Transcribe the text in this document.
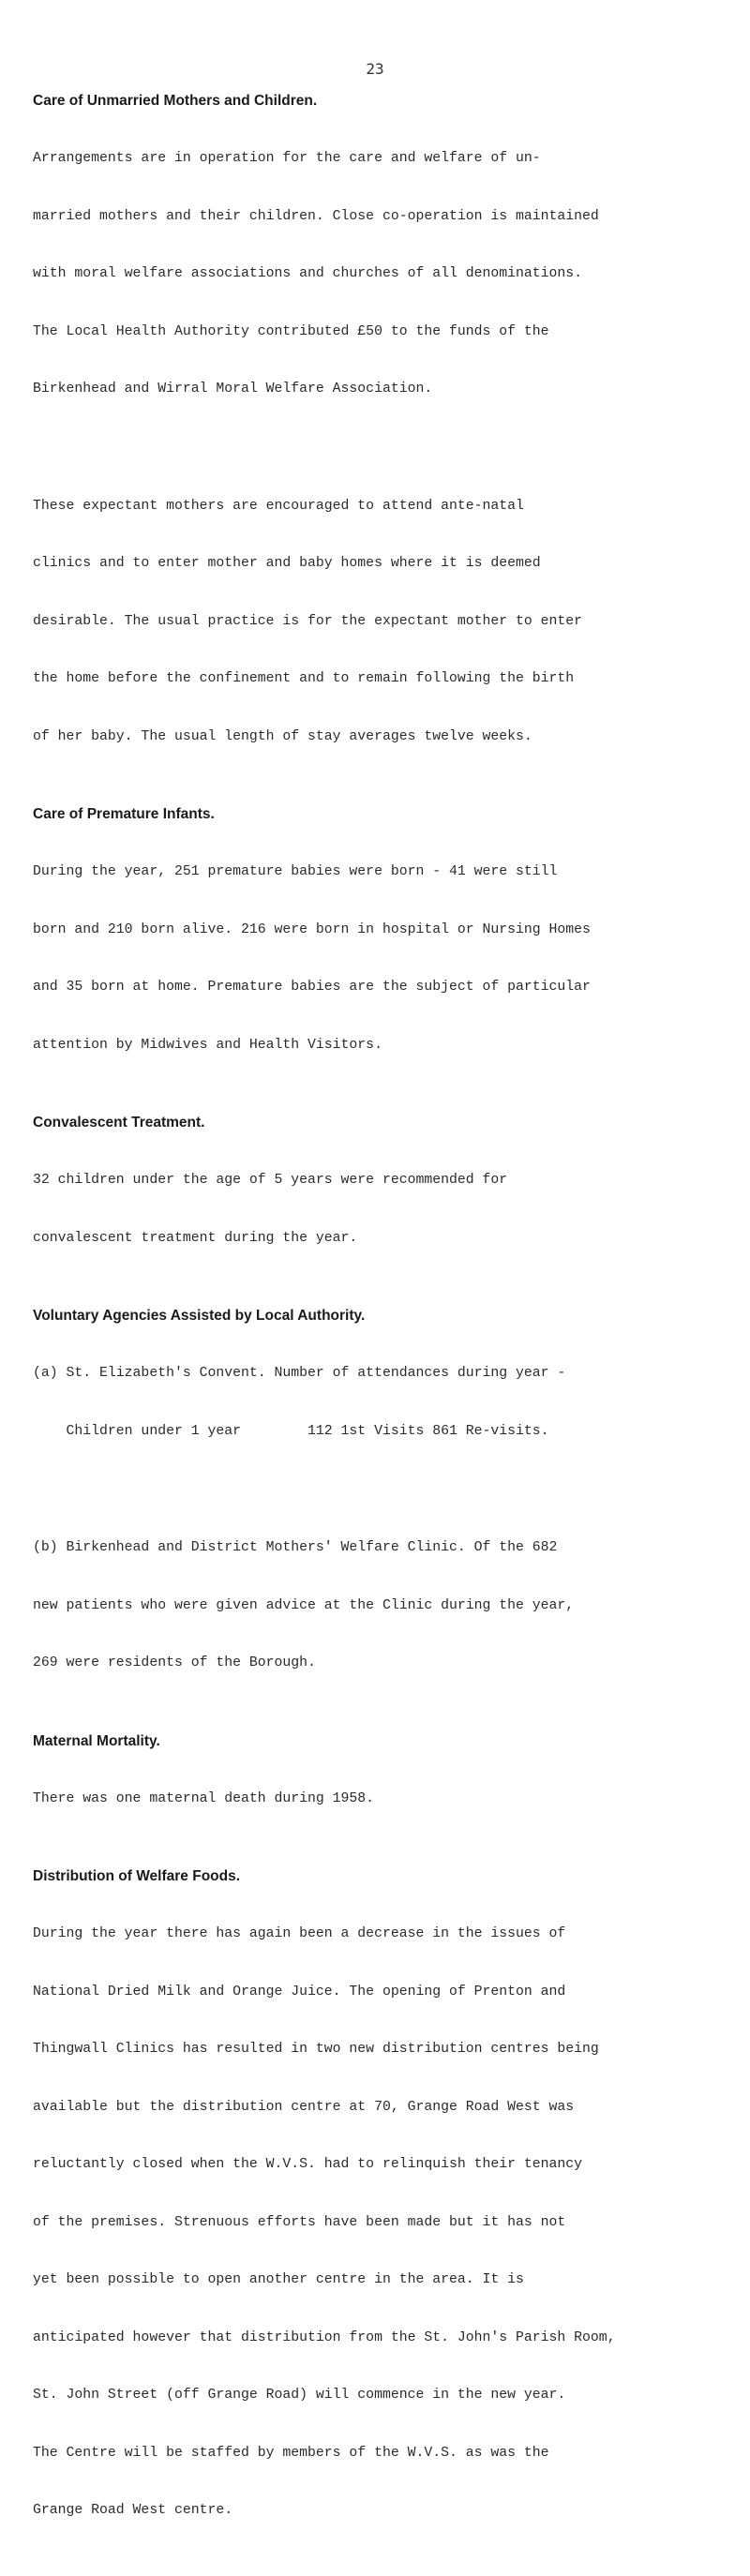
23
Care of Unmarried Mothers and Children.

Arrangements are in operation for the care and welfare of un-

married mothers and their children. Close co-operation is maintained

with moral welfare associations and churches of all denominations.

The Local Health Authority contributed £50 to the funds of the

Birkenhead and Wirral Moral Welfare Association.

These expectant mothers are encouraged to attend ante-natal

clinics and to enter mother and baby homes where it is deemed

desirable. The usual practice is for the expectant mother to enter

the home before the confinement and to remain following the birth

of her baby. The usual length of stay averages twelve weeks.

Care of Premature Infants.

During the year, 251 premature babies were born - 41 were still

born and 210 born alive. 216 were born in hospital or Nursing Homes

and 35 born at home. Premature babies are the subject of particular

attention by Midwives and Health Visitors.

Convalescent Treatment.

32 children under the age of 5 years were recommended for

convalescent treatment during the year.

Voluntary Agencies Assisted by Local Authority.

(a) St. Elizabeth's Convent. Number of attendances during year -

Children under 1 year        112 1st Visits 861 Re-visits.

(b) Birkenhead and District Mothers' Welfare Clinic. Of the 682

new patients who were given advice at the Clinic during the year,

269 were residents of the Borough.

Maternal Mortality.

There was one maternal death during 1958.

Distribution of Welfare Foods.

During the year there has again been a decrease in the issues of

National Dried Milk and Orange Juice. The opening of Prenton and

Thingwall Clinics has resulted in two new distribution centres being

available but the distribution centre at 70, Grange Road West was

reluctantly closed when the W.V.S. had to relinquish their tenancy

of the premises. Strenuous efforts have been made but it has not

yet been possible to open another centre in the area. It is

anticipated however that distribution from the St. John's Parish Room,

St. John Street (off Grange Road) will commence in the new year.

The Centre will be staffed by members of the W.V.S. as was the

Grange Road West centre.
